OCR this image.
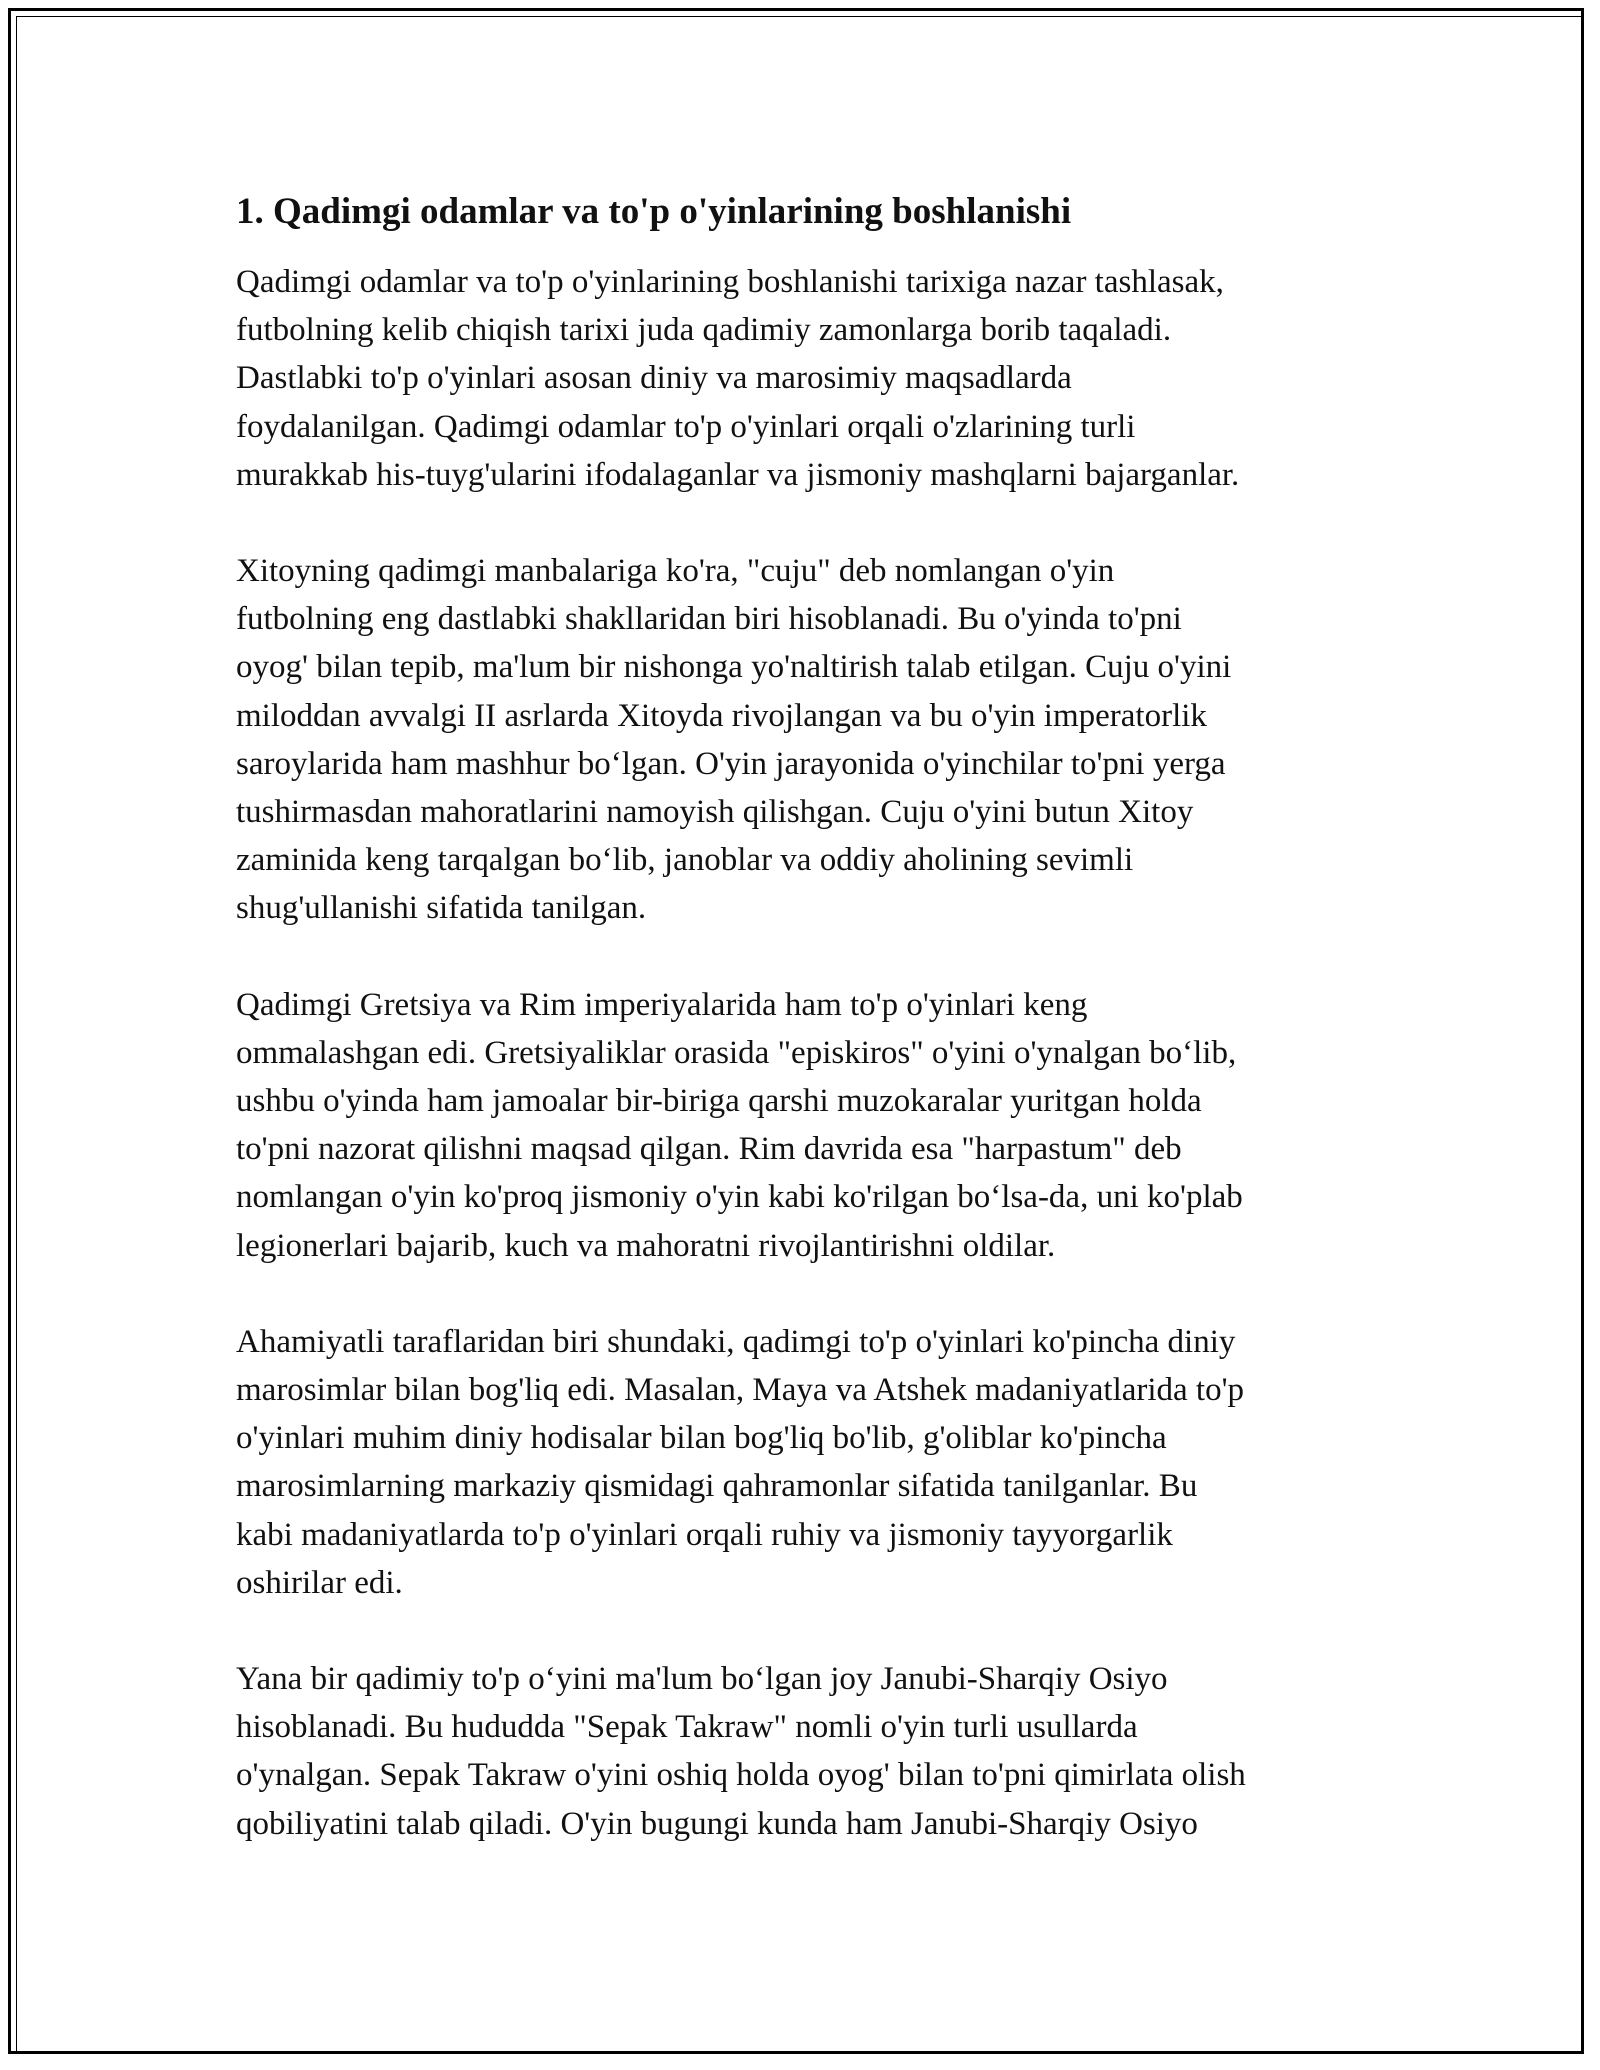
1. Qadimgi odamlar va to'p o'yinlarining boshlanishi

Qadimgi odamlar va to'p o'yinlarining boshlanishi tarixiga nazar tashlasak,
futbolning kelib chiqish tarixi juda qadimiy zamonlarga borib taqaladi.
Dastlabki to'p o'yinlari asosan diniy va marosimiy maqsadlarda
foydalanilgan. Qadimgi odamlar to'p o'yinlari orqali o'zlarining turli
murakkab his-tuyg'ularini ifodalaganlar va jismoniy mashqlarni bajarganlar.

Xitoyning qadimgi manbalariga ko'ra, "cuju" deb nomlangan o'yin
futbolning eng dastlabki shakllaridan biri hisoblanadi. Bu o'yinda to'pni
oyog' bilan tepib, ma'lum bir nishonga yo'naltirish talab etilgan. Cuju o'yini
miloddan avvalgi II asrlarda Xitoyda rivojlangan va bu o'yin imperatorlik
saroylarida ham mashhur bo‘lgan. O'yin jarayonida o'yinchilar to'pni yerga
tushirmasdan mahoratlarini namoyish qilishgan. Cuju o'yini butun Xitoy
zaminida keng tarqalgan bo‘lib, janoblar va oddiy aholining sevimli
shug'ullanishi sifatida tanilgan.

Qadimgi Gretsiya va Rim imperiyalarida ham to'p o'yinlari keng
ommalashgan edi. Gretsiyaliklar orasida "episkiros" o'yini o'ynalgan bo‘lib,
ushbu o'yinda ham jamoalar bir-biriga qarshi muzokaralar yuritgan holda
to'pni nazorat qilishni maqsad qilgan. Rim davrida esa "harpastum" deb
nomlangan o'yin ko'proq jismoniy o'yin kabi ko'rilgan bo‘lsa-da, uni ko'plab
legionerlari bajarib, kuch va mahoratni rivojlantirishni oldilar.

Ahamiyatli taraflaridan biri shundaki, qadimgi to'p o'yinlari ko'pincha diniy
marosimlar bilan bog'liq edi. Masalan, Maya va Atshek madaniyatlarida to'p
o'yinlari muhim diniy hodisalar bilan bog'liq bo'lib, g'oliblar ko'pincha
marosimlarning markaziy qismidagi qahramonlar sifatida tanilganlar. Bu
kabi madaniyatlarda to'p o'yinlari orqali ruhiy va jismoniy tayyorgarlik
oshirilar edi.

Yana bir qadimiy to'p o‘yini ma'lum bo‘lgan joy Janubi-Sharqiy Osiyo
hisoblanadi. Bu hududda "Sepak Takraw" nomli o'yin turli usullarda
o'ynalgan. Sepak Takraw o'yini oshiq holda oyog' bilan to'pni qimirlata olish
qobiliyatini talab qiladi. O'yin bugungi kunda ham Janubi-Sharqiy Osiyo
